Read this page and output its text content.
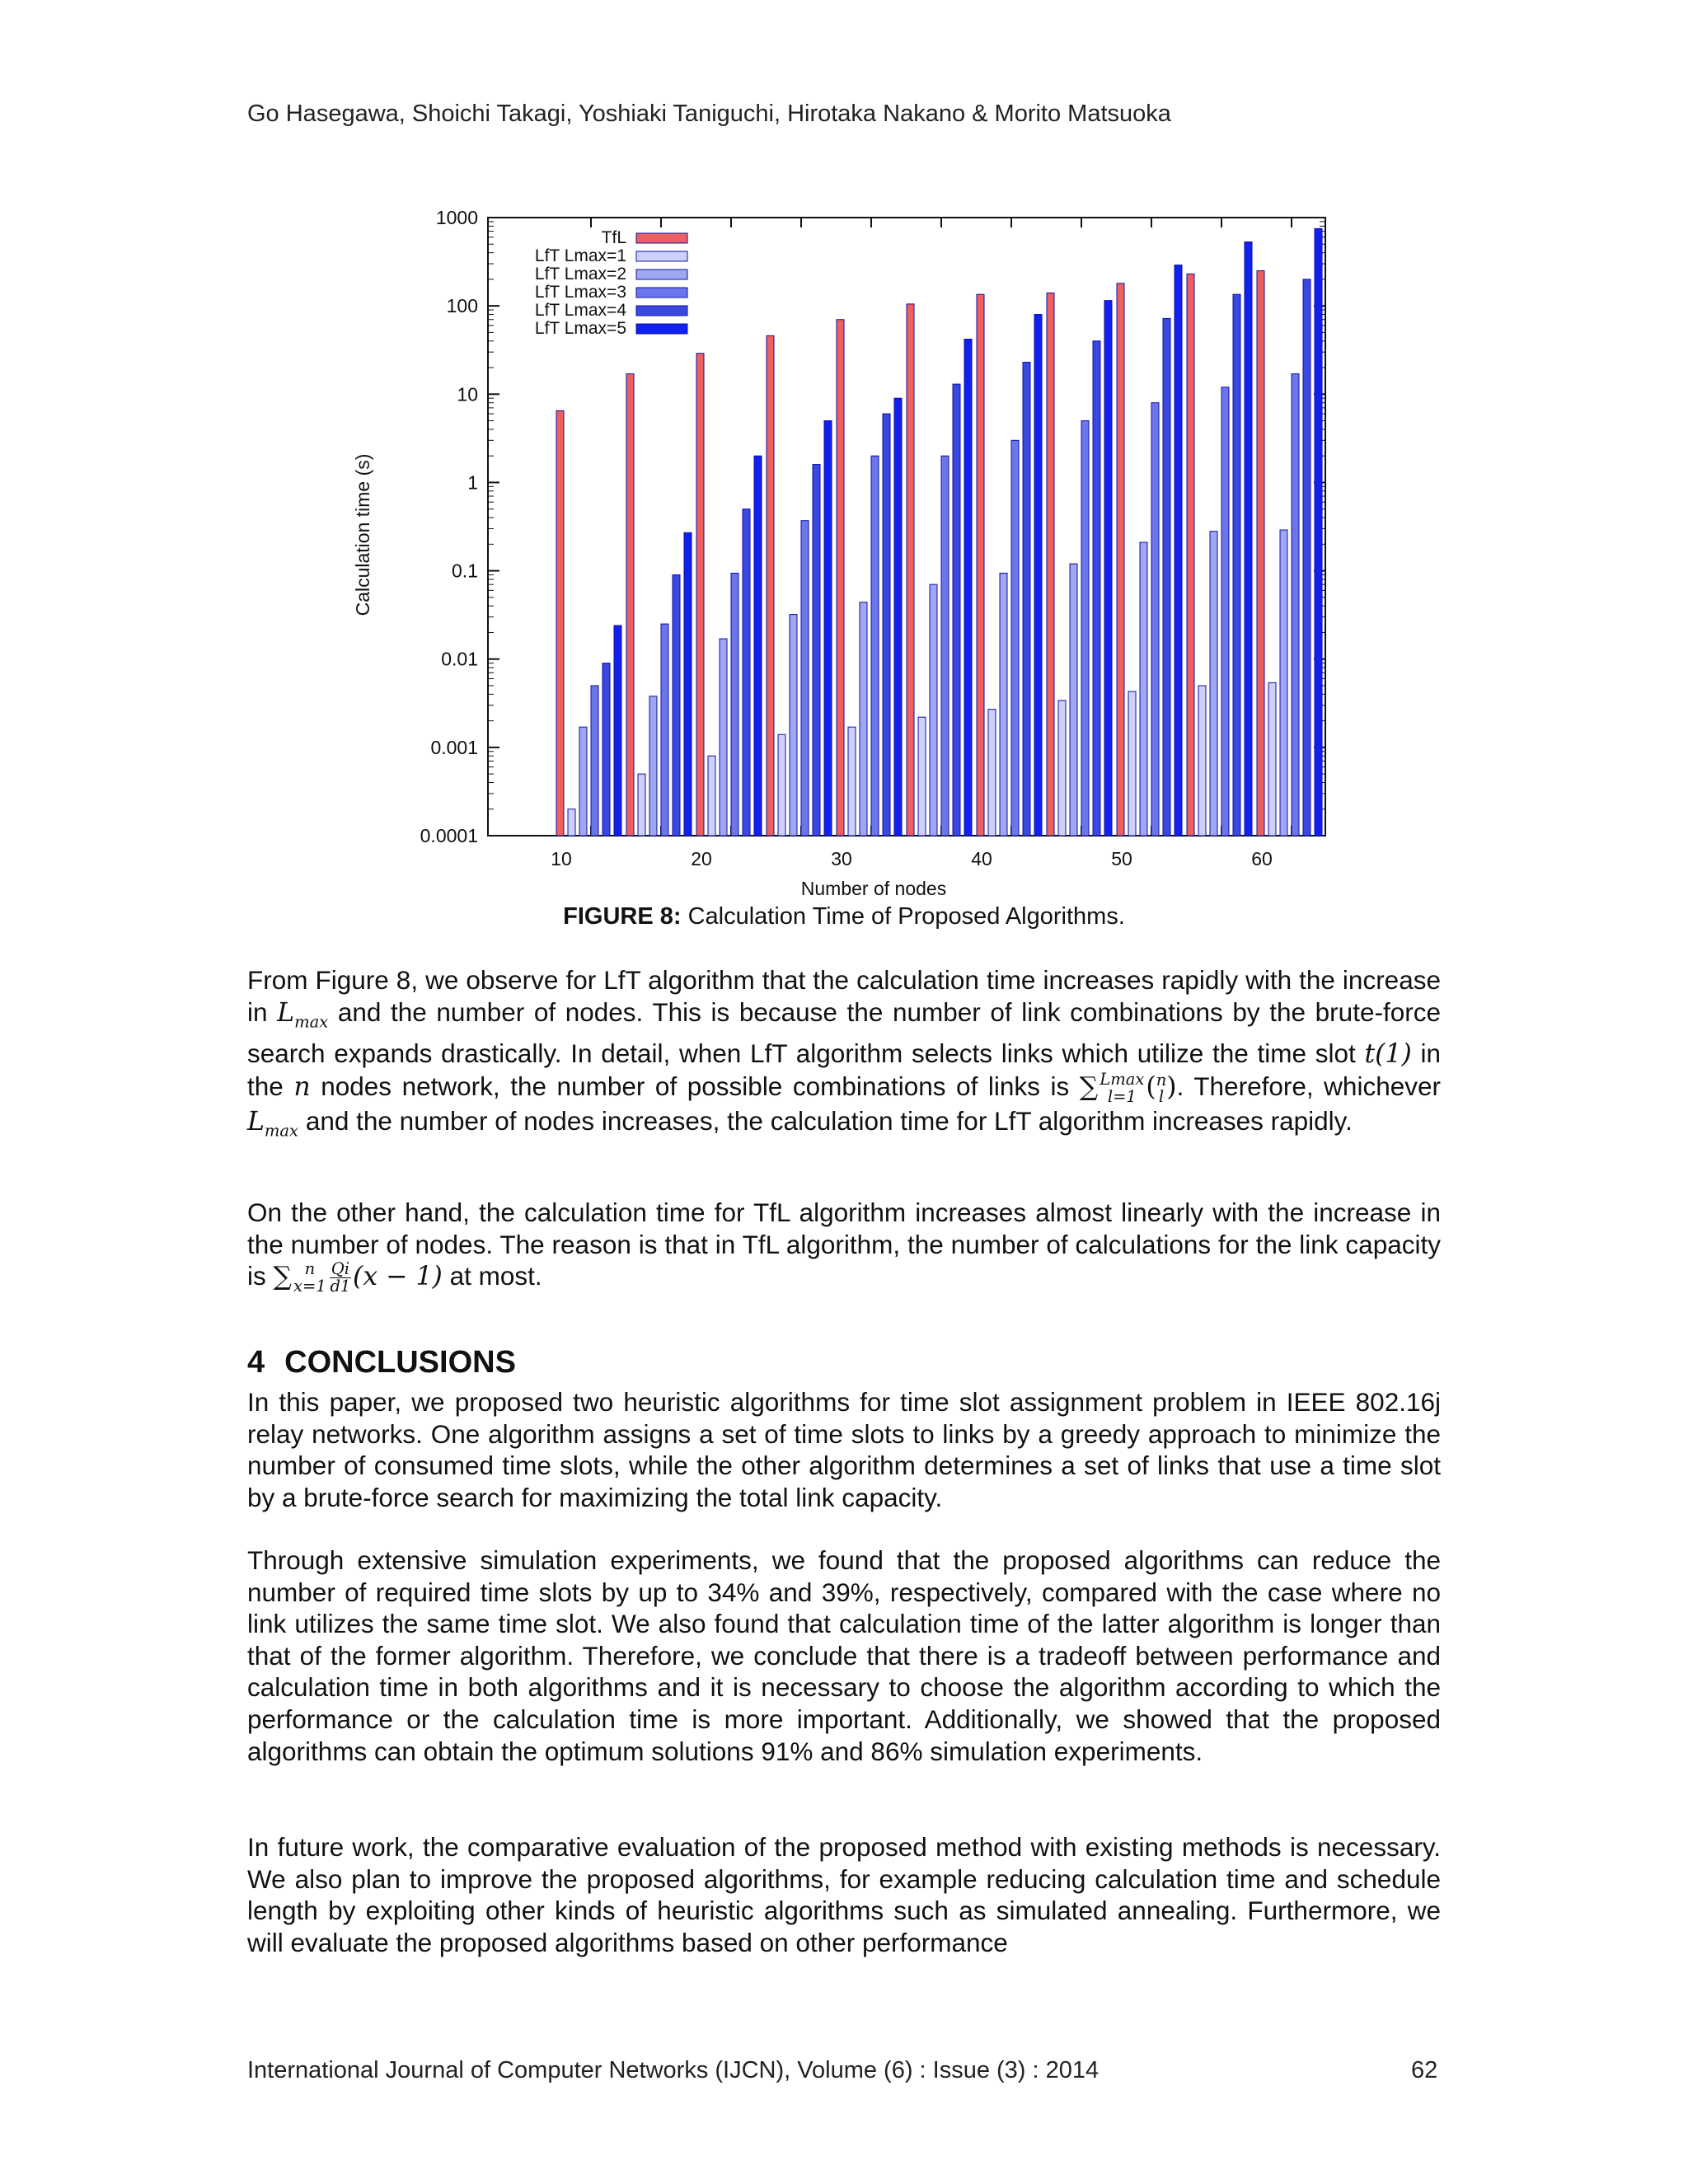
Go Hasegawa, Shoichi Takagi, Yoshiaki Taniguchi, Hirotaka Nakano & Morito Matsuoka
0.0001
0.001
0.01
0.1
1
10
100
1000
10	20	30	40	50	60
Number of nodes
Calculation time (s)
TfL
LfT Lmax=1
LfT Lmax=2
LfT Lmax=3
LfT Lmax=4
LfT Lmax=5
FIGURE 8: Calculation Time of Proposed Algorithms.

From Figure 8, we observe for LfT algorithm that the calculation time increases rapidly with the increase in $L_{max}$ and the number of nodes. This is because the number of link combinations by the brute-force search expands drastically. In detail, when LfT algorithm selects links which utilize the time slot t(1) in the n nodes network, the number of possible combinations of links is ∑ Lmax
l=1 ( n
l ). Therefore, whichever $L_{max}$ and the number of nodes increases, the calculation time for LfT algorithm increases rapidly.

On the other hand, the calculation time for TfL algorithm increases almost linearly with the increase in the number of nodes. The reason is that in TfL algorithm, the number of calculations for the link capacity is ∑ n
$x=1 \frac{Qi}{d1} (x - 1)$ at most.

4 CONCLUSIONS

In this paper, we proposed two heuristic algorithms for time slot assignment problem in IEEE 802.16j relay networks. One algorithm assigns a set of time slots to links by a greedy approach to minimize the number of consumed time slots, while the other algorithm determines a set of links that use a time slot by a brute-force search for maximizing the total link capacity.

Through extensive simulation experiments, we found that the proposed algorithms can reduce the number of required time slots by up to 34% and 39%, respectively, compared with the case where no link utilizes the same time slot. We also found that calculation time of the latter algorithm is longer than that of the former algorithm. Therefore, we conclude that there is a tradeoff between performance and calculation time in both algorithms and it is necessary to choose the algorithm according to which the performance or the calculation time is more important. Additionally, we showed that the proposed algorithms can obtain the optimum solutions 91% and 86% simulation experiments.

In future work, the comparative evaluation of the proposed method with existing methods is necessary. We also plan to improve the proposed algorithms, for example reducing calculation time and schedule length by exploiting other kinds of heuristic algorithms such as simulated annealing. Furthermore, we will evaluate the proposed algorithms based on other performance

International Journal of Computer Networks (IJCN), Volume (6) : Issue (3) : 2014	62
